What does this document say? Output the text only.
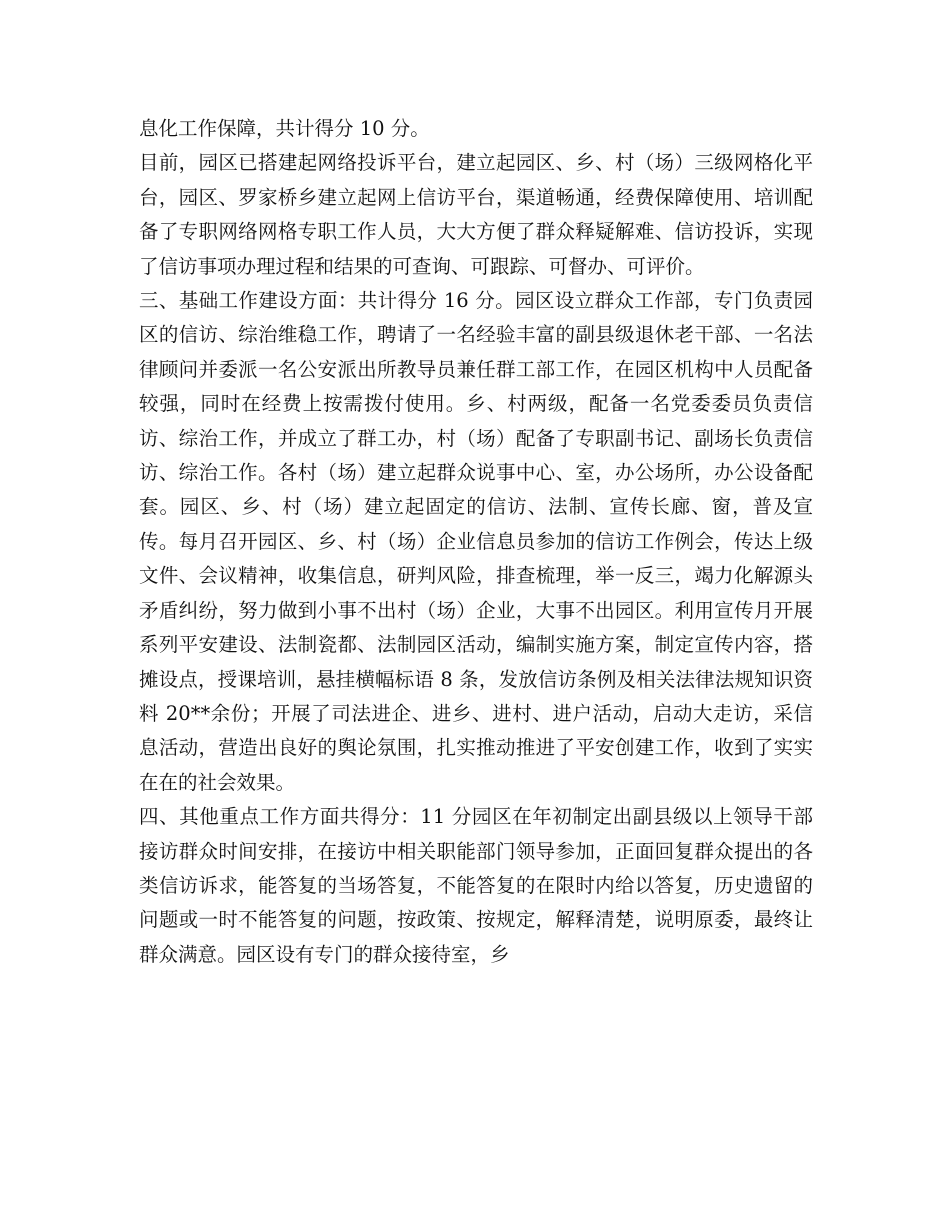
息化工作保障，共计得分 10 分。

目前，园区已搭建起网络投诉平台，建立起园区、乡、村（场）三级网格化平台，园区、罗家桥乡建立起网上信访平台，渠道畅通，经费保障使用、培训配备了专职网络网格专职工作人员，大大方便了群众释疑解难、信访投诉，实现了信访事项办理过程和结果的可查询、可跟踪、可督办、可评价。

三、基础工作建设方面：共计得分 16 分。园区设立群众工作部，专门负责园区的信访、综治维稳工作，聘请了一名经验丰富的副县级退休老干部、一名法律顾问并委派一名公安派出所教导员兼任群工部工作，在园区机构中人员配备较强，同时在经费上按需拨付使用。乡、村两级，配备一名党委委员负责信访、综治工作，并成立了群工办，村（场）配备了专职副书记、副场长负责信访、综治工作。各村（场）建立起群众说事中心、室，办公场所，办公设备配套。园区、乡、村（场）建立起固定的信访、法制、宣传长廊、窗，普及宣传。每月召开园区、乡、村（场）企业信息员参加的信访工作例会，传达上级文件、会议精神，收集信息，研判风险，排查梳理，举一反三，竭力化解源头矛盾纠纷，努力做到小事不出村（场）企业，大事不出园区。利用宣传月开展系列平安建设、法制瓷都、法制园区活动，编制实施方案，制定宣传内容，搭摊设点，授课培训，悬挂横幅标语 8 条，发放信访条例及相关法律法规知识资料 20**余份；开展了司法进企、进乡、进村、进户活动，启动大走访，采信息活动，营造出良好的舆论氛围，扎实推动推进了平安创建工作，收到了实实在在的社会效果。

四、其他重点工作方面共得分：11 分园区在年初制定出副县级以上领导干部接访群众时间安排，在接访中相关职能部门领导参加，正面回复群众提出的各类信访诉求，能答复的当场答复，不能答复的在限时内给以答复，历史遗留的问题或一时不能答复的问题，按政策、按规定，解释清楚，说明原委，最终让群众满意。园区设有专门的群众接待室，乡
